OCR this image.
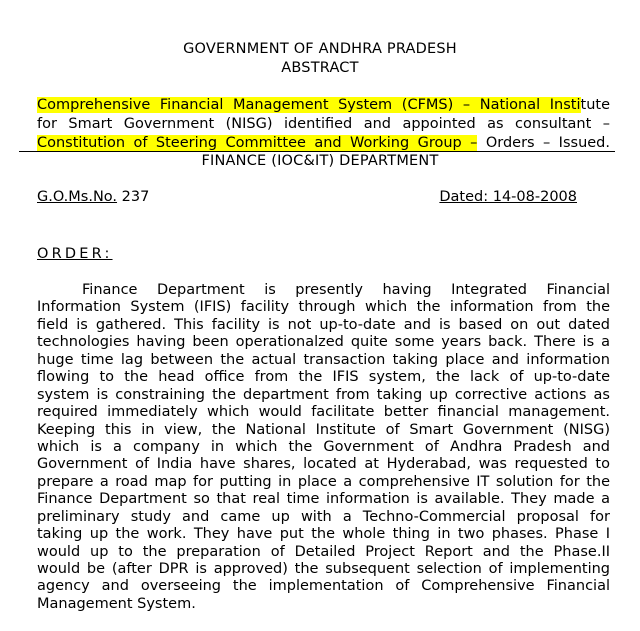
GOVERNMENT OF ANDHRA PRADESH
ABSTRACT
Comprehensive Financial Management System (CFMS) – National Institute
for Smart Government (NISG) identified and appointed as consultant –
Constitution of Steering Committee and Working Group – Orders – Issued.
FINANCE (IOC&IT) DEPARTMENT
G.O.Ms.No. 237	Dated: 14-08-2008
ORDER:
Finance Department is presently having Integrated Financial
Information System (IFIS) facility through which the information from the
field is gathered. This facility is not up-to-date and is based on out dated
technologies having been operationalzed quite some years back. There is a
huge time lag between the actual transaction taking place and information
flowing to the head office from the IFIS system, the lack of up-to-date
system is constraining the department from taking up corrective actions as
required immediately which would facilitate better financial management.
Keeping this in view, the National Institute of Smart Government (NISG)
which is a company in which the Government of Andhra Pradesh and
Government of India have shares, located at Hyderabad, was requested to
prepare a road map for putting in place a comprehensive IT solution for the
Finance Department so that real time information is available. They made a
preliminary study and came up with a Techno-Commercial proposal for
taking up the work. They have put the whole thing in two phases. Phase I
would up to the preparation of Detailed Project Report and the Phase.II
would be (after DPR is approved) the subsequent selection of implementing
agency and overseeing the implementation of Comprehensive Financial
Management System.
